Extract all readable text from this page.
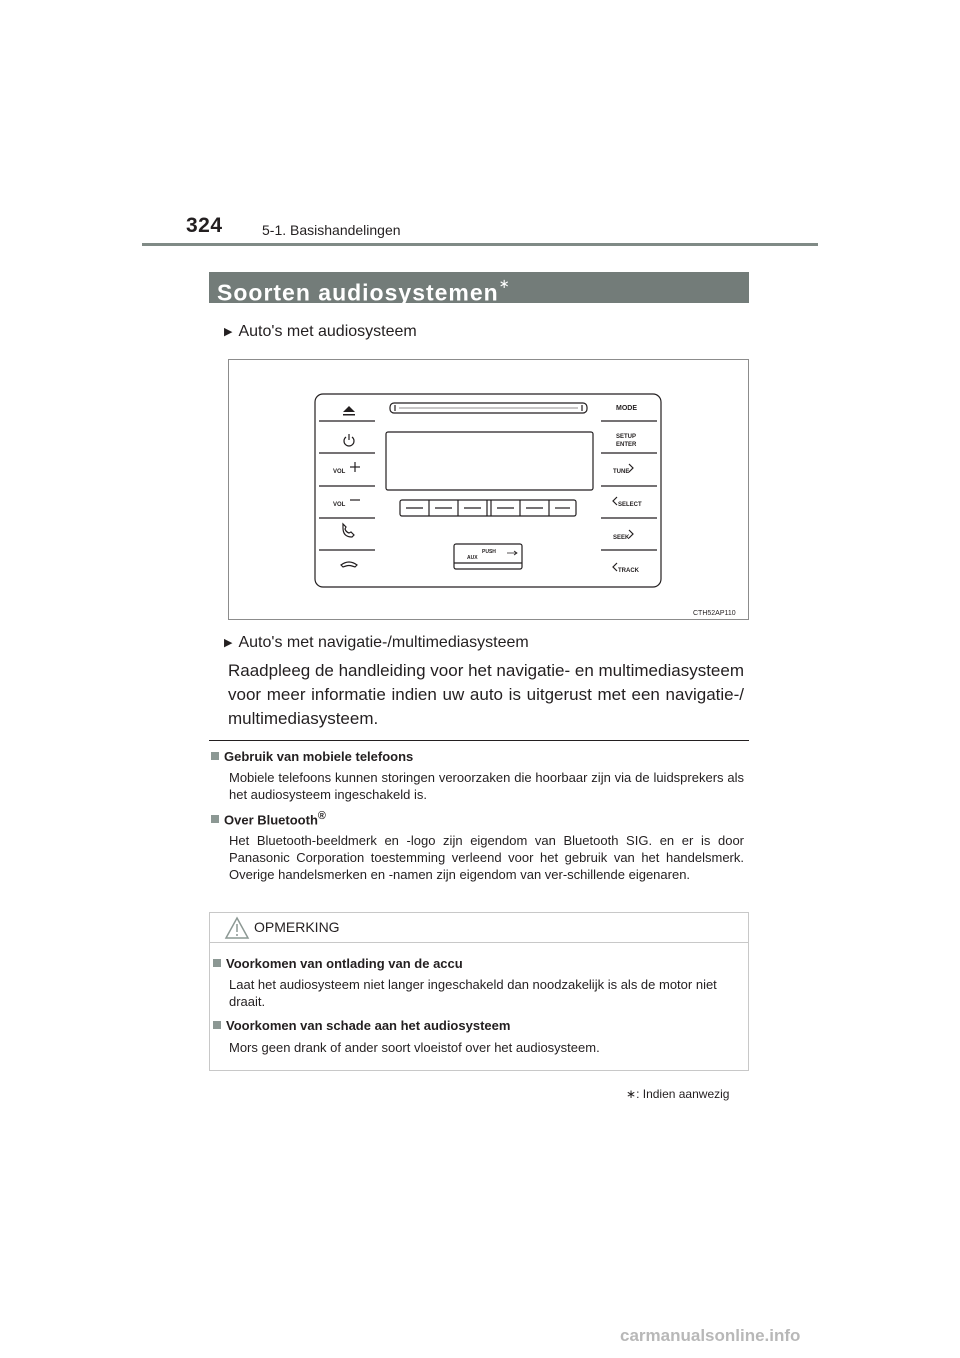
324	5-1. Basishandelingen
Soorten audiosystemen∗
▶ Auto's met audiosysteem
MODE
SETUP
ENTER
VOL
VOL
TUNE
SELECT
SEEK
TRACK
PUSH
AUX
CTH52AP110
▶ Auto's met navigatie-/multimediasysteem
Raadpleeg de handleiding voor het navigatie- en multimediasysteem voor meer informatie indien uw auto is uitgerust met een navigatie-/ multimediasysteem.
Gebruik van mobiele telefoons
Mobiele telefoons kunnen storingen veroorzaken die hoorbaar zijn via de luidsprekers als het audiosysteem ingeschakeld is.
Over Bluetooth®
Het Bluetooth-beeldmerk en -logo zijn eigendom van Bluetooth SIG. en er is door Panasonic Corporation toestemming verleend voor het gebruik van het handelsmerk. Overige handelsmerken en -namen zijn eigendom van ver-schillende eigenaren.
OPMERKING
Voorkomen van ontlading van de accu
Laat het audiosysteem niet langer ingeschakeld dan noodzakelijk is als de motor niet draait.
Voorkomen van schade aan het audiosysteem
Mors geen drank of ander soort vloeistof over het audiosysteem.
∗: Indien aanwezig
carmanualsonline.info
